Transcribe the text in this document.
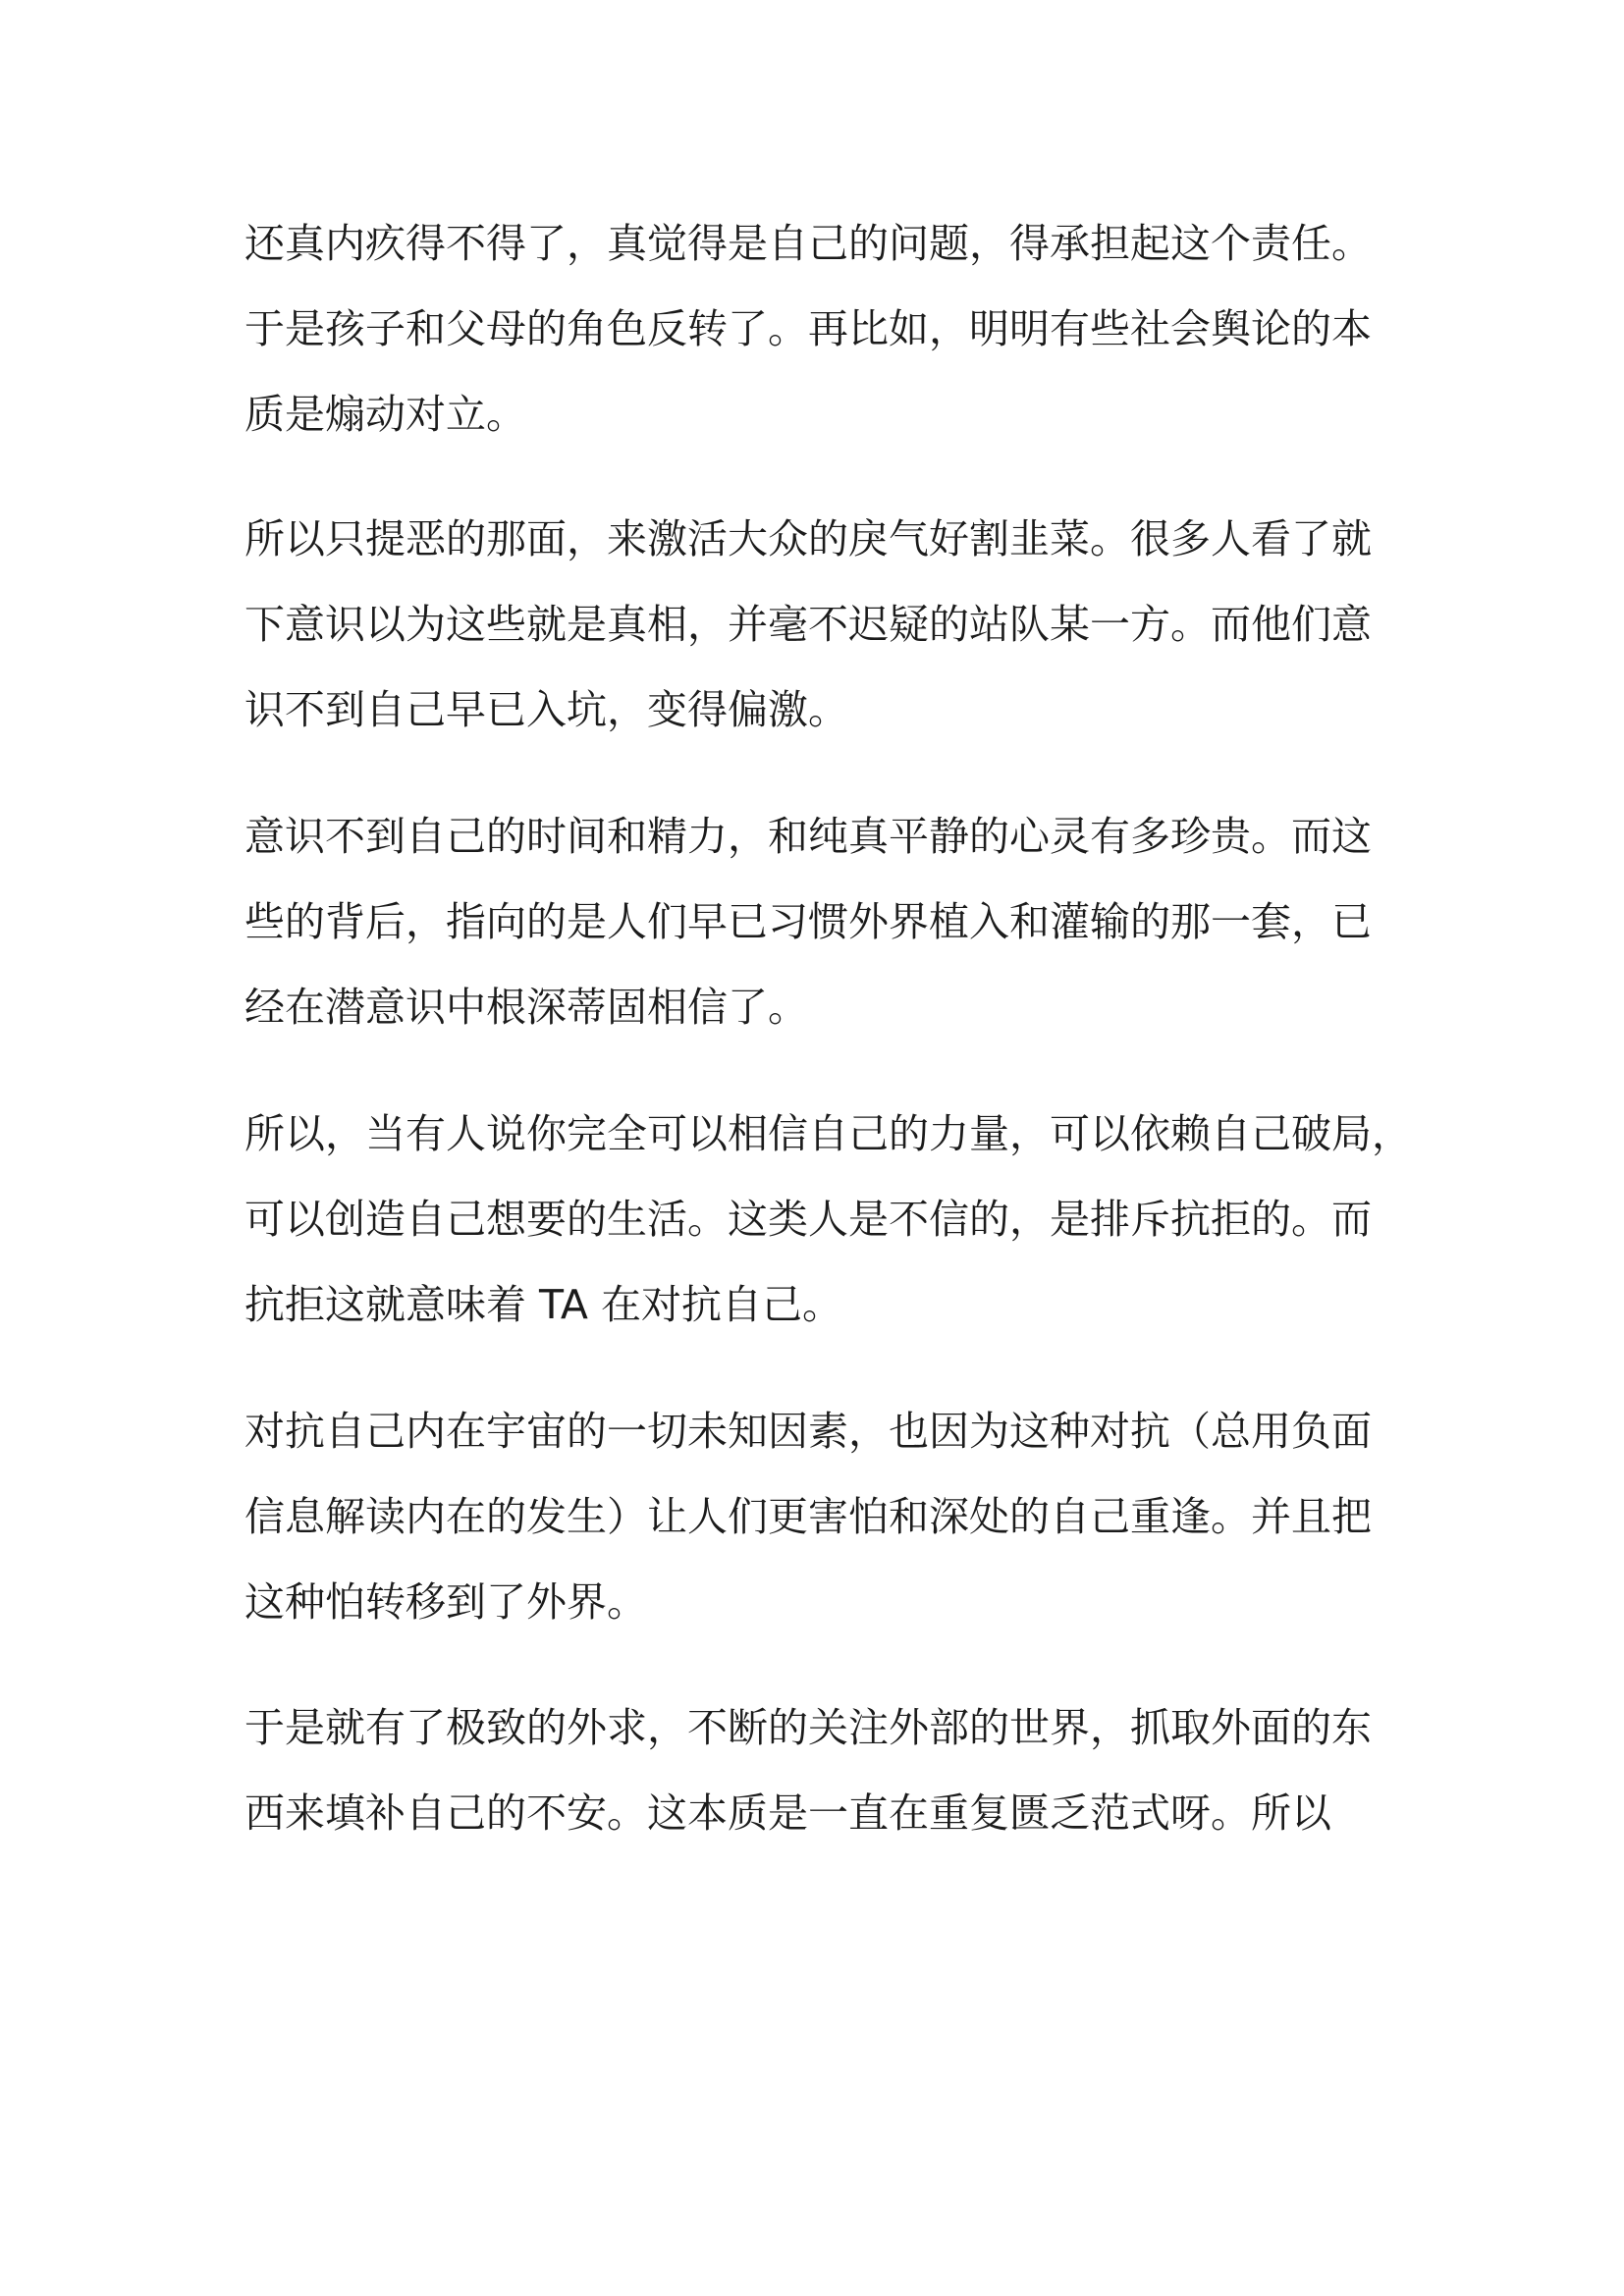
还真内疚得不得了，真觉得是自己的问题，得承担起这个责任。
于是孩子和父母的角色反转了。再比如，明明有些社会舆论的本
质是煽动对立。
所以只提恶的那面，来激活大众的戾气好割韭菜。很多人看了就
下意识以为这些就是真相，并毫不迟疑的站队某一方。而他们意
识不到自己早已入坑，变得偏激。
意识不到自己的时间和精力，和纯真平静的心灵有多珍贵。而这
些的背后，指向的是人们早已习惯外界植入和灌输的那一套，已
经在潜意识中根深蒂固相信了。
所以，当有人说你完全可以相信自己的力量，可以依赖自己破局，
可以创造自己想要的生活。这类人是不信的，是排斥抗拒的。而
抗拒这就意味着 TA 在对抗自己。
对抗自己内在宇宙的一切未知因素，也因为这种对抗（总用负面
信息解读内在的发生）让人们更害怕和深处的自己重逢。并且把
这种怕转移到了外界。
于是就有了极致的外求，不断的关注外部的世界，抓取外面的东
西来填补自己的不安。这本质是一直在重复匮乏范式呀。所以
